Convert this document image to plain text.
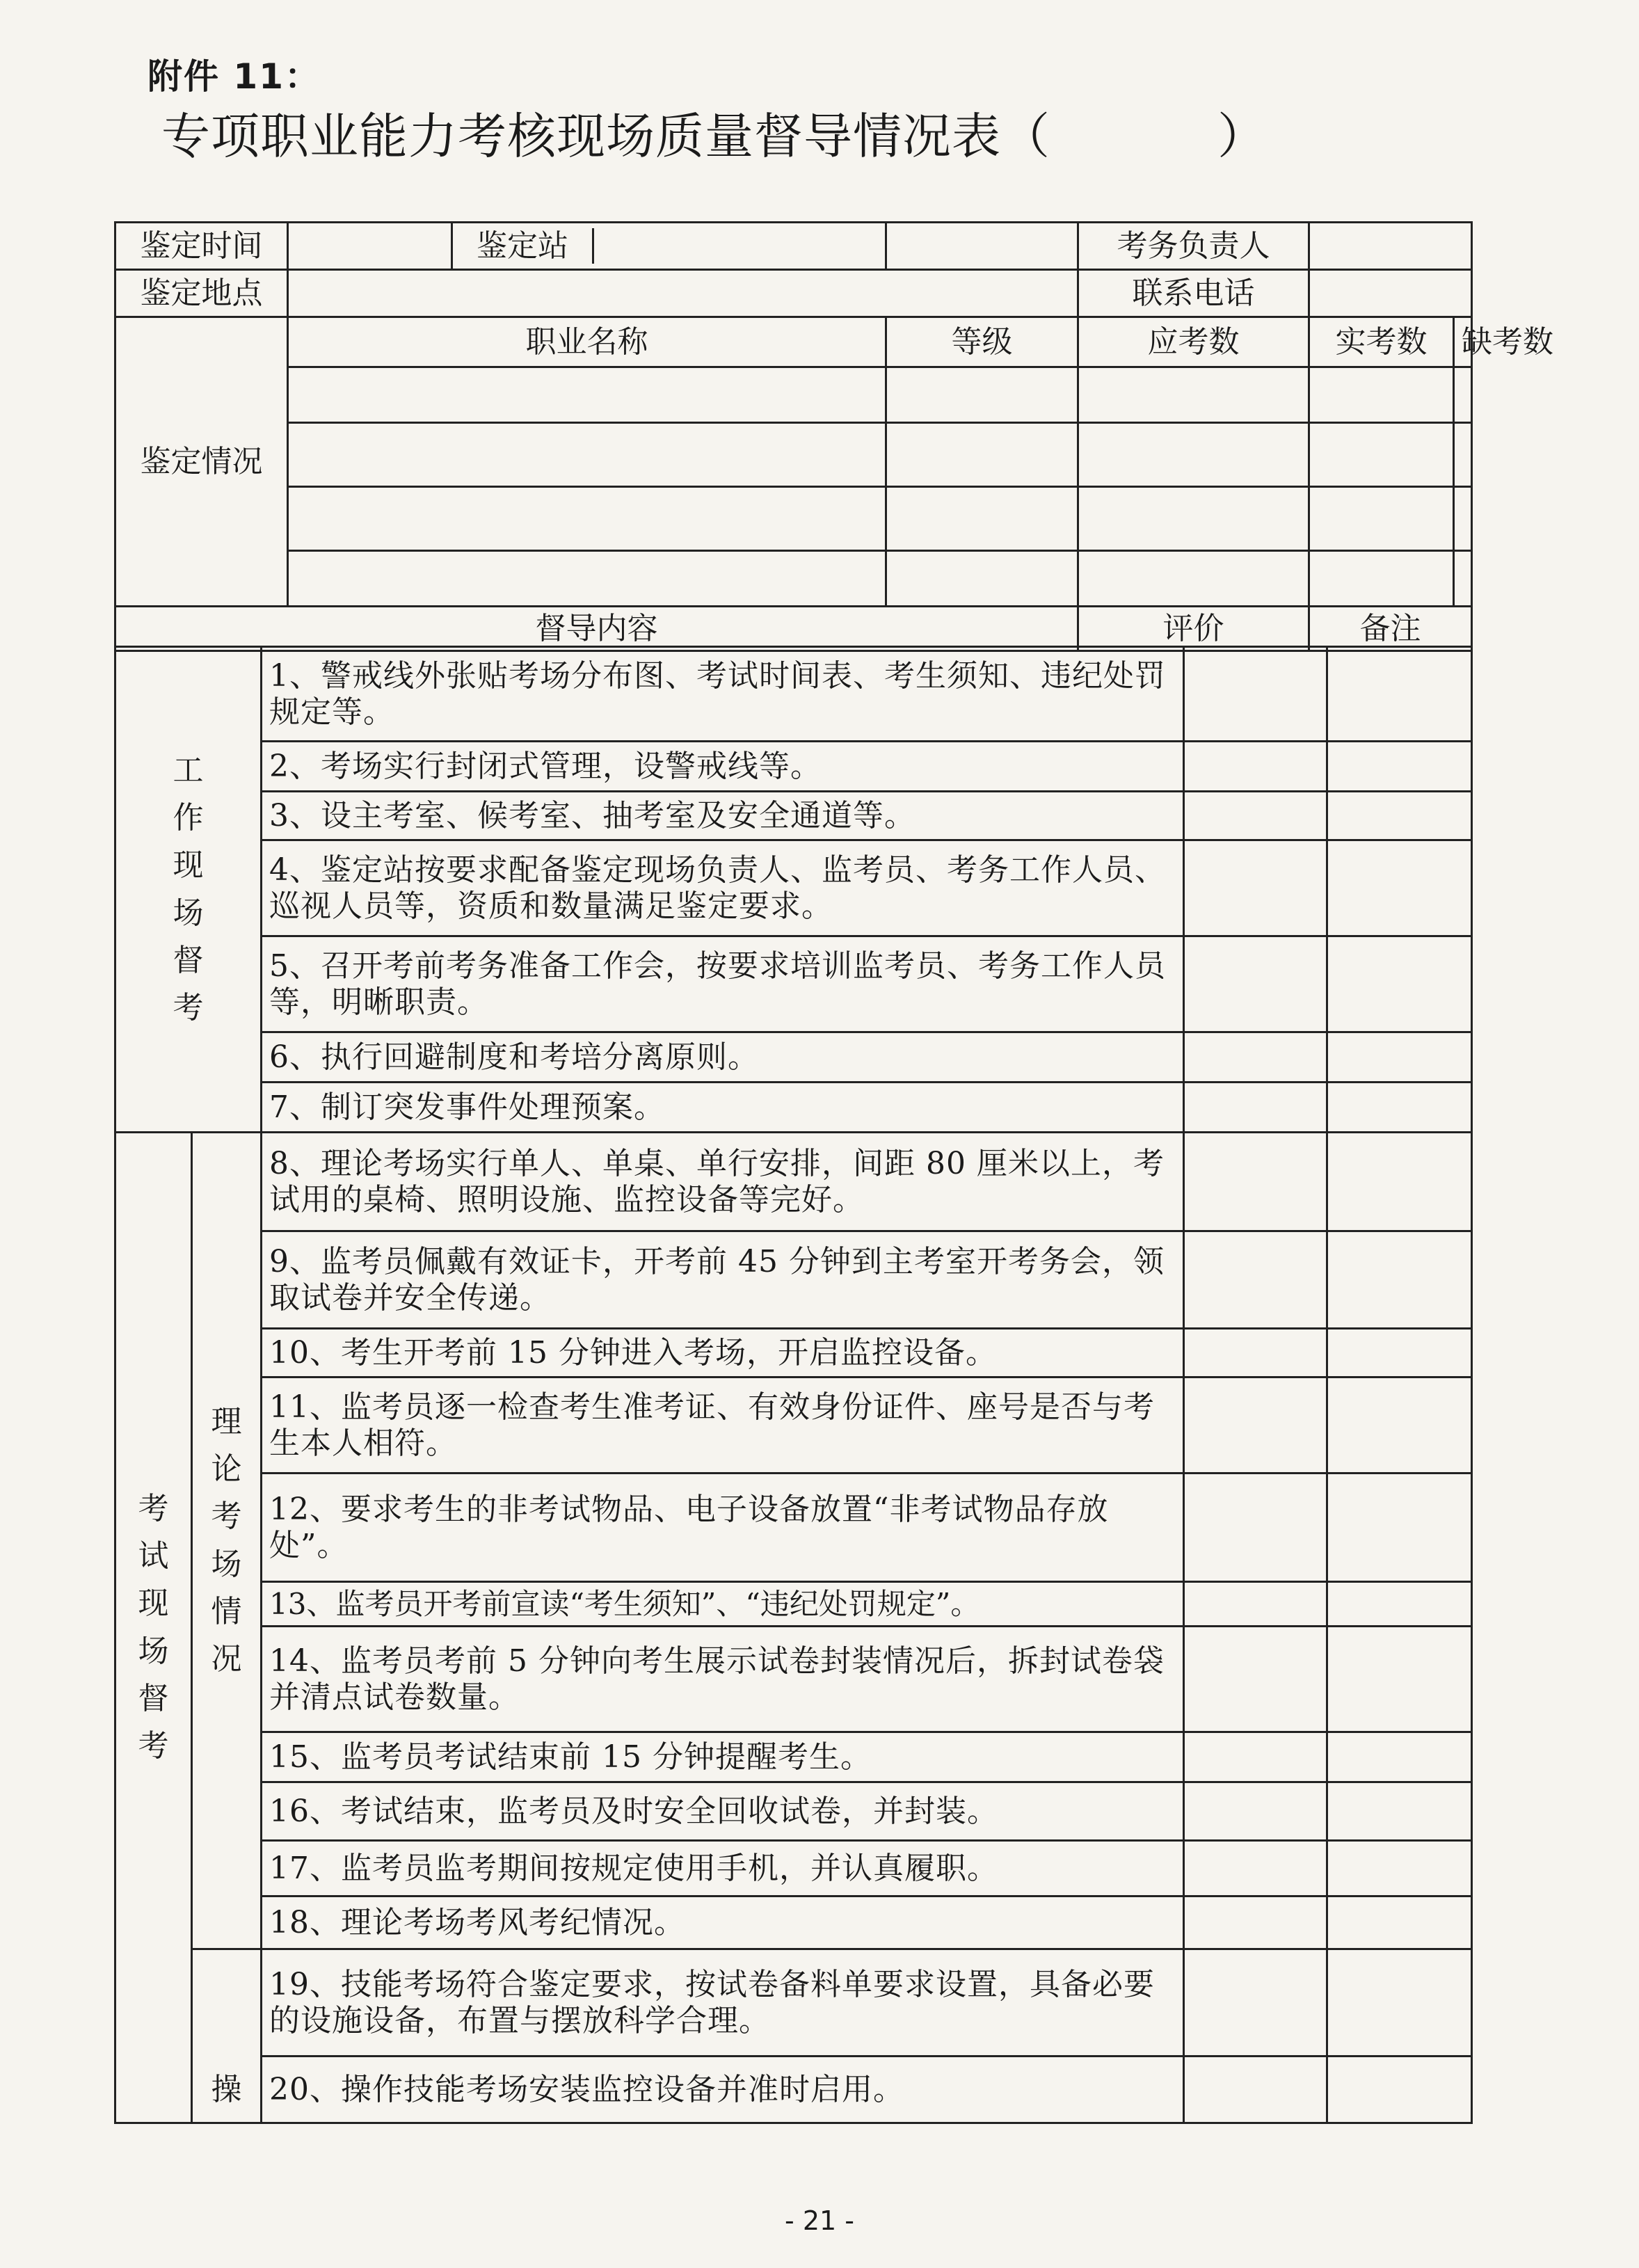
附件 11：
专项职业能力考核现场质量督导情况表（	）
鉴定时间		鉴定站		考务负责人		
鉴定地点				联系电话		
鉴定情况	职业名称		等级	应考数	实考数	缺考数

督导内容				评价	备注	
工作现场督考		1、警戒线外张贴考场分布图、考试时间表、考生须知、违纪处罚规定等。		
		2、考场实行封闭式管理，设警戒线等。		
		3、设主考室、候考室、抽考室及安全通道等。		
		4、鉴定站按要求配备鉴定现场负责人、监考员、考务工作人员、巡视人员等，资质和数量满足鉴定要求。		
		5、召开考前考务准备工作会，按要求培训监考员、考务工作人员等，明晰职责。		
		6、执行回避制度和考培分离原则。		
		7、制订突发事件处理预案。		

考试现场督考	理论考场情况	8、理论考场实行单人、单桌、单行安排，间距 80 厘米以上，考试用的桌椅、照明设施、监控设备等完好。		
		9、监考员佩戴有效证卡，开考前 45 分钟到主考室开考务会，领取试卷并安全传递。		
		10、考生开考前 15 分钟进入考场，开启监控设备。		
		11、监考员逐一检查考生准考证、有效身份证件、座号是否与考生本人相符。		
		12、要求考生的非考试物品、电子设备放置“非考试物品存放处”。		
		13、监考员开考前宣读“考生须知”、“违纪处罚规定”。		
		14、监考员考前 5 分钟向考生展示试卷封装情况后，拆封试卷袋并清点试卷数量。		
		15、监考员考试结束前 15 分钟提醒考生。		
		16、考试结束，监考员及时安全回收试卷，并封装。		
		17、监考员监考期间按规定使用手机，并认真履职。		
		18、理论考场考风考纪情况。		

	操	19、技能考场符合鉴定要求，按试卷备料单要求设置，具备必要的设施设备，布置与摆放科学合理。		
		20、操作技能考场安装监控设备并准时启用。		
- 21 -
